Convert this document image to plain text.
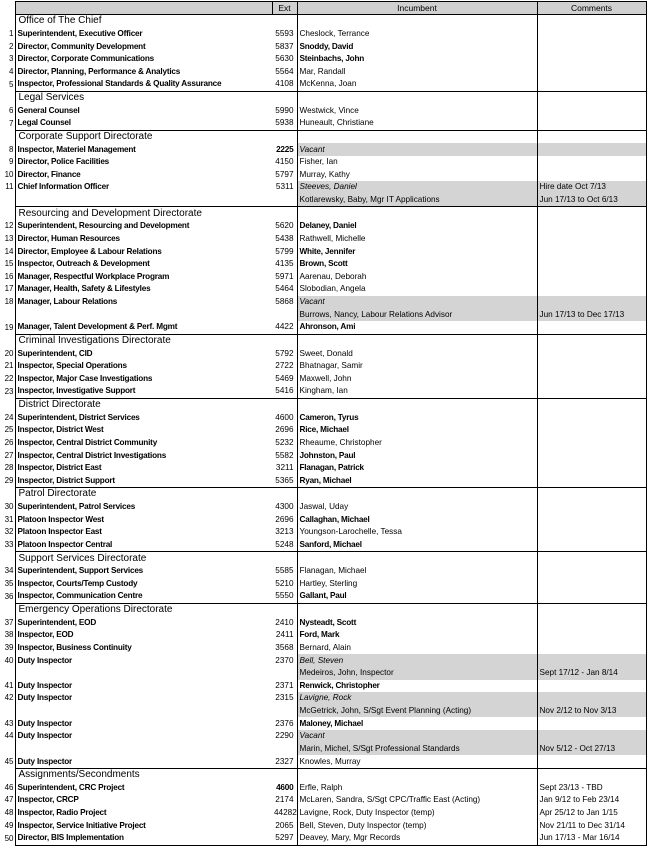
		Ext	Incumbent	Comments
	Office of The Chief			
1	Superintendent, Executive Officer	5593	Cheslock, Terrance	
2	Director, Community Development	5837	Snoddy, David	
3	Director, Corporate Communications	5630	Steinbachs, John	
4	Director, Planning, Performance & Analytics	5564	Mar, Randall	
5	Inspector, Professional Standards & Quality Assurance	4108	McKenna, Joan	
	Legal Services			
6	General Counsel	5990	Westwick, Vince	
7	Legal Counsel	5938	Huneault, Christiane	
	Corporate Support Directorate			
8	Inspector, Materiel Management	2225	Vacant	
9	Director, Police Facilities	4150	Fisher, Ian	
10	Director, Finance	5797	Murray, Kathy	
11	Chief Information Officer	5311	Steeves, Daniel	Hire date Oct 7/13
			Kotlarewsky, Baby, Mgr IT Applications	Jun 17/13 to Oct 6/13
	Resourcing and Development Directorate			
12	Superintendent, Resourcing and Development	5620	Delaney, Daniel	
13	Director, Human Resources	5438	Rathwell, Michelle	
14	Director, Employee & Labour Relations	5799	White, Jennifer	
15	Inspector, Outreach & Development	4135	Brown, Scott	
16	Manager, Respectful Workplace Program	5971	Aarenau, Deborah	
17	Manager, Health, Safety & Lifestyles	5464	Slobodian, Angela	
18	Manager, Labour Relations	5868	Vacant	
			Burrows, Nancy, Labour Relations Advisor	Jun 17/13 to Dec 17/13
19	Manager, Talent Development & Perf. Mgmt	4422	Ahronson, Ami	
	Criminal Investigations Directorate			
20	Superintendent, CID	5792	Sweet, Donald	
21	Inspector, Special Operations	2722	Bhatnagar, Samir	
22	Inspector, Major Case Investigations	5469	Maxwell, John	
23	Inspector, Investigative Support	5416	Kingham, Ian	
	District Directorate			
24	Superintendent, District Services	4600	Cameron, Tyrus	
25	Inspector, District West	2696	Rice, Michael	
26	Inspector, Central District Community	5232	Rheaume, Christopher	
27	Inspector, Central District Investigations	5582	Johnston, Paul	
28	Inspector, District East	3211	Flanagan, Patrick	
29	Inspector, District Support	5365	Ryan, Michael	
	Patrol Directorate			
30	Superintendent, Patrol Services	4300	Jaswal, Uday	
31	Platoon Inspector West	2696	Callaghan, Michael	
32	Platoon Inspector East	3213	Youngson-Larochelle, Tessa	
33	Platoon Inspector Central	5248	Sanford, Michael	
	Support Services Directorate			
34	Superintendent, Support Services	5585	Flanagan, Michael	
35	Inspector, Courts/Temp Custody	5210	Hartley, Sterling	
36	Inspector, Communication Centre	5550	Gallant, Paul	
	Emergency Operations Directorate			
37	Superintendent, EOD	2410	Nysteadt, Scott	
38	Inspector, EOD	2411	Ford, Mark	
39	Inspector, Business Continuity	3568	Bernard, Alain	
40	Duty Inspector	2370	Bell, Steven	
			Medeiros, John, Inspector	Sept 17/12 - Jan 8/14
41	Duty Inspector	2371	Renwick, Christopher	
42	Duty Inspector	2315	Lavigne, Rock	
			McGetrick, John, S/Sgt Event Planning (Acting)	Nov 2/12 to Nov 3/13
43	Duty Inspector	2376	Maloney, Michael	
44	Duty Inspector	2290	Vacant	
			Marin, Michel, S/Sgt Professional Standards	Nov 5/12 - Oct 27/13
45	Duty Inspector	2327	Knowles, Murray	
	Assignments/Secondments			
46	Superintendent, CRC Project	4600	Erfle, Ralph	Sept 23/13 - TBD
47	Inspector, CRCP	2174	McLaren, Sandra, S/Sgt CPC/Traffic East (Acting)	Jan 9/12 to Feb 23/14
48	Inspector, Radio Project	44282	Lavigne, Rock, Duty Inspector (temp)	Apr 25/12 to Jan 1/15
49	Inspector, Service Initiative Project	2065	Bell, Steven, Duty Inspector (temp)	Nov 21/11 to Dec 31/14
50	Director, BIS Implementation	5297	Deavey, Mary, Mgr Records	Jun 17/13 - Mar 16/14
